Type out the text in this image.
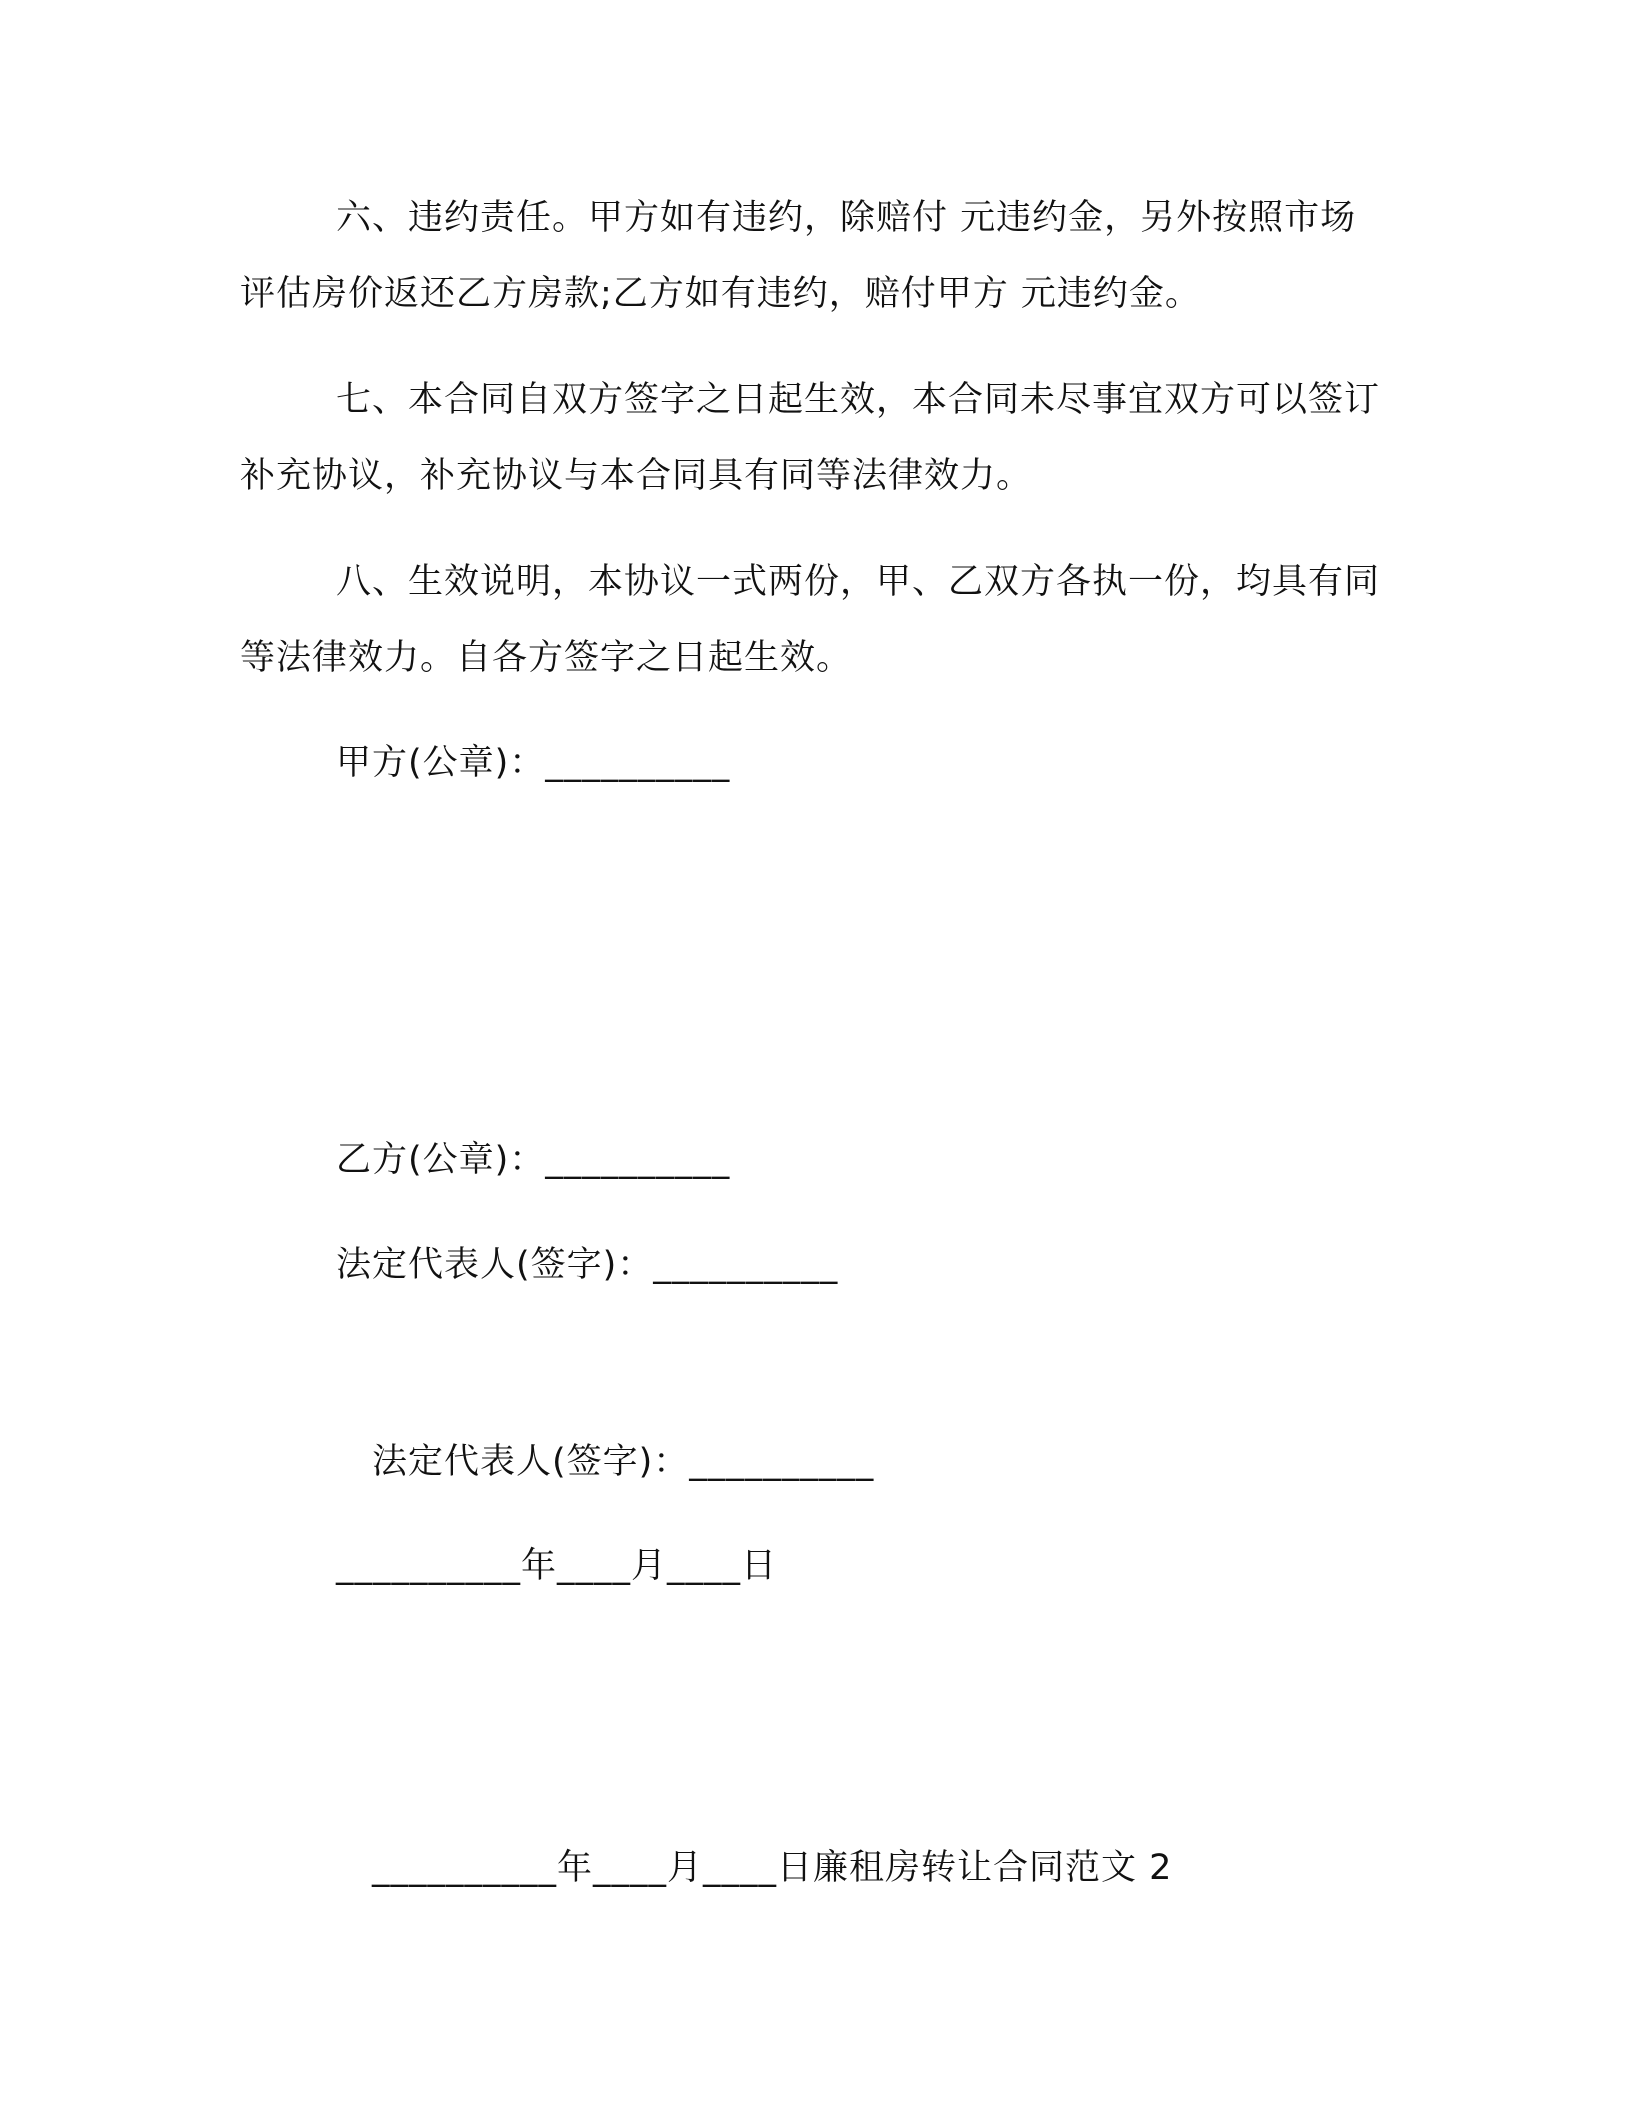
六、违约责任。甲方如有违约，除赔付 元违约金，另外按照市场评估房价返还乙方房款;乙方如有违约，赔付甲方 元违约金。

七、本合同自双方签字之日起生效，本合同未尽事宜双方可以签订补充协议，补充协议与本合同具有同等法律效力。

八、生效说明，本协议一式两份，甲、乙双方各执一份，均具有同等法律效力。自各方签字之日起生效。

甲方(公章)：__________

乙方(公章)：__________

法定代表人(签字)：__________

法定代表人(签字)：__________

__________年____月____日

__________年____月____日廉租房转让合同范文 2
